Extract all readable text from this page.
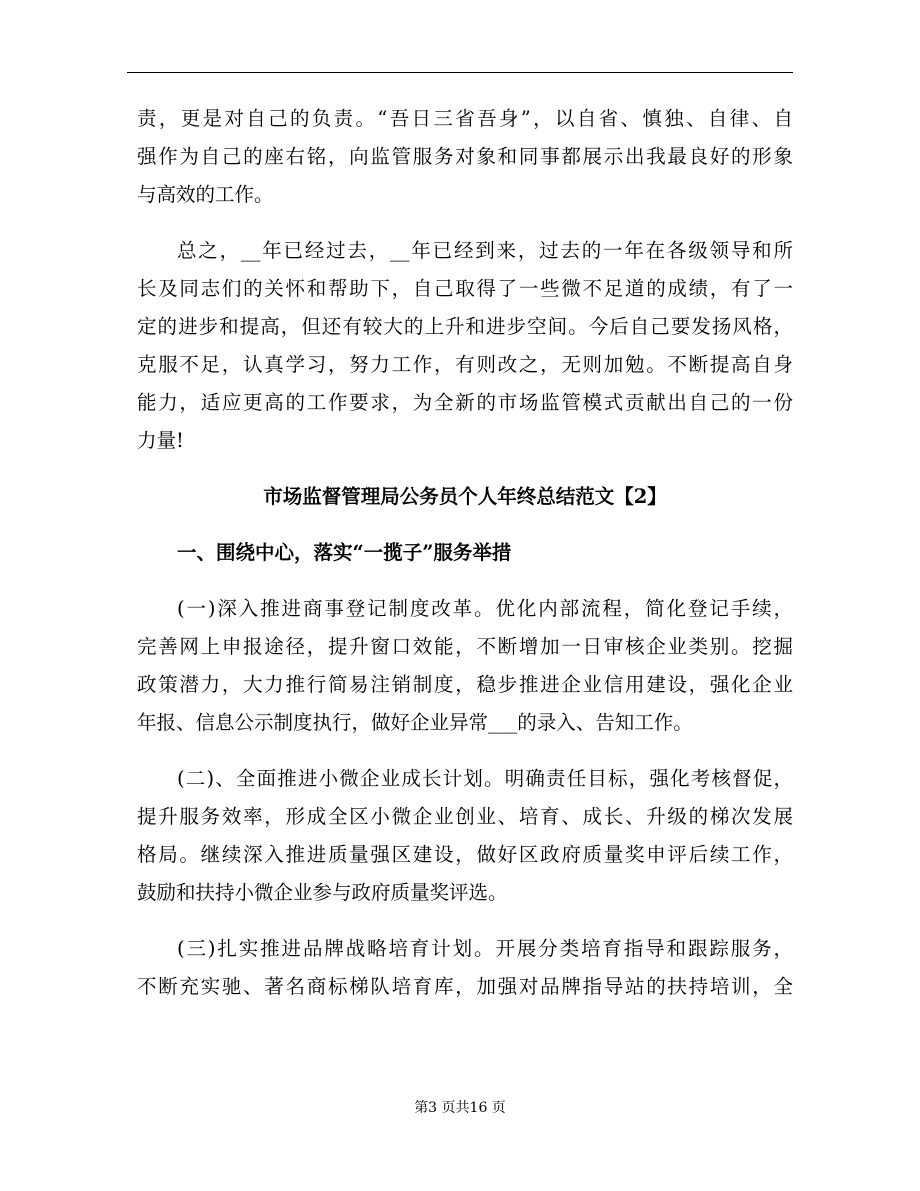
责，更是对自己的负责。“吾日三省吾身”，以自省、慎独、自律、自
强作为自己的座右铭，向监管服务对象和同事都展示出我最良好的形象
与高效的工作。
总之，__年已经过去，__年已经到来，过去的一年在各级领导和所
长及同志们的关怀和帮助下，自己取得了一些微不足道的成绩，有了一
定的进步和提高，但还有较大的上升和进步空间。今后自己要发扬风格，
克服不足，认真学习，努力工作，有则改之，无则加勉。不断提高自身
能力，适应更高的工作要求，为全新的市场监管模式贡献出自己的一份
力量!
市场监督管理局公务员个人年终总结范文【2】
一、围绕中心，落实“一揽子”服务举措
(一)深入推进商事登记制度改革。优化内部流程，简化登记手续，
完善网上申报途径，提升窗口效能，不断增加一日审核企业类别。挖掘
政策潜力，大力推行简易注销制度，稳步推进企业信用建设，强化企业
年报、信息公示制度执行，做好企业异常___的录入、告知工作。
(二)、全面推进小微企业成长计划。明确责任目标，强化考核督促，
提升服务效率，形成全区小微企业创业、培育、成长、升级的梯次发展
格局。继续深入推进质量强区建设，做好区政府质量奖申评后续工作，
鼓励和扶持小微企业参与政府质量奖评选。
(三)扎实推进品牌战略培育计划。开展分类培育指导和跟踪服务，
不断充实驰、著名商标梯队培育库，加强对品牌指导站的扶持培训，全
第3 页共16 页
